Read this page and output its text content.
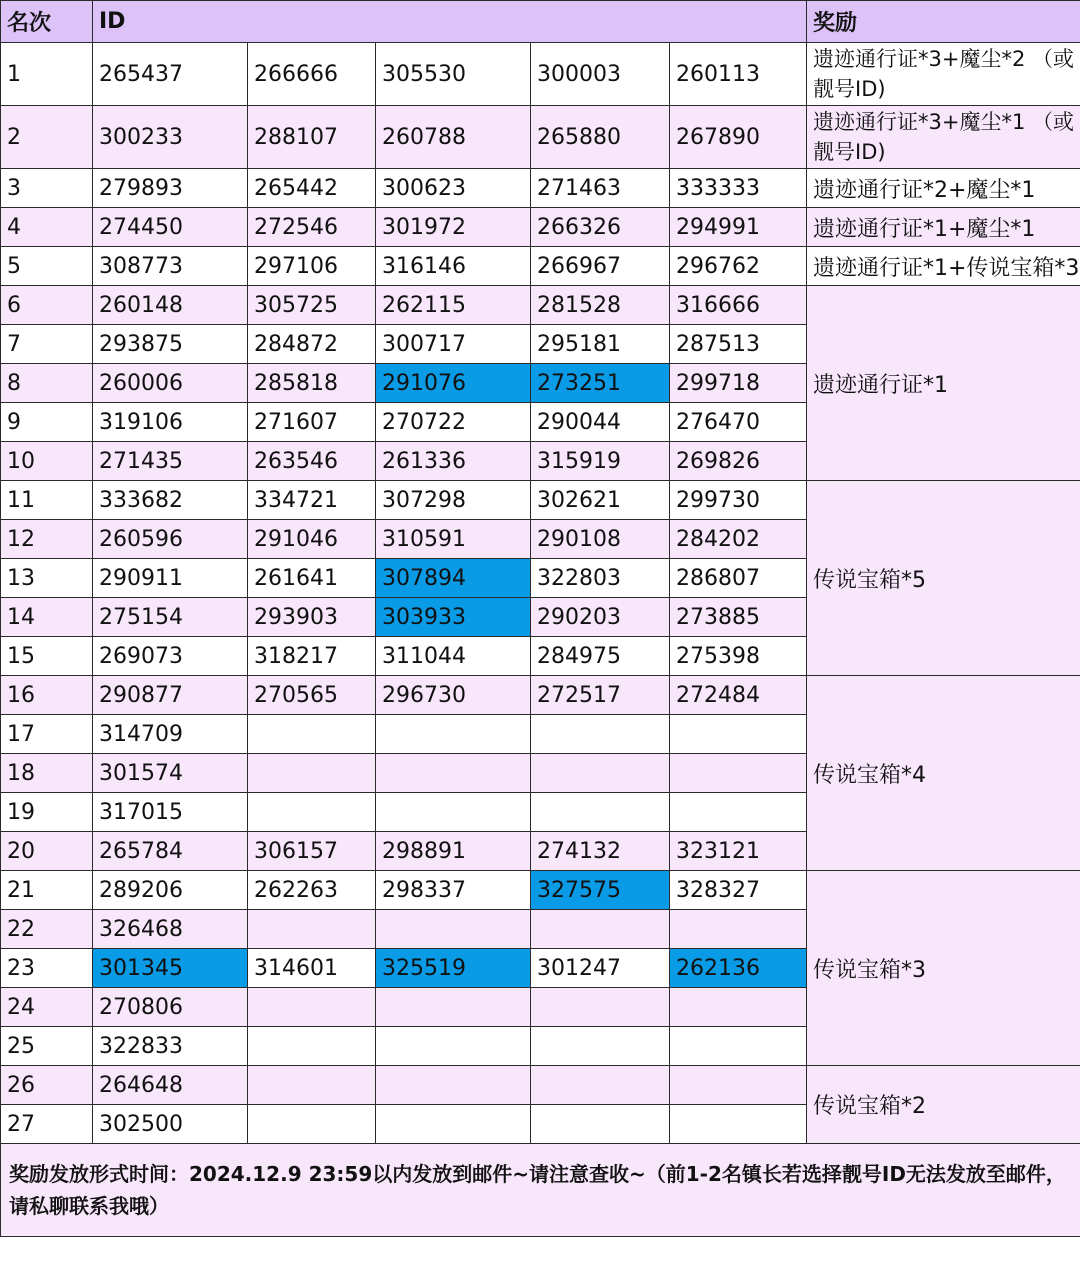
名次	ID					奖励
1	265437	266666	305530	300003	260113	遗迹通行证*3+魔尘*2 （或靓号ID)
2	300233	288107	260788	265880	267890	遗迹通行证*3+魔尘*1 （或靓号ID)
3	279893	265442	300623	271463	333333	遗迹通行证*2+魔尘*1
4	274450	272546	301972	266326	294991	遗迹通行证*1+魔尘*1
5	308773	297106	316146	266967	296762	遗迹通行证*1+传说宝箱*3
6	260148	305725	262115	281528	316666	遗迹通行证*1
7	293875	284872	300717	295181	287513	
8	260006	285818	291076	273251	299718	
9	319106	271607	270722	290044	276470	
10	271435	263546	261336	315919	269826	
11	333682	334721	307298	302621	299730	传说宝箱*5
12	260596	291046	310591	290108	284202	
13	290911	261641	307894	322803	286807	
14	275154	293903	303933	290203	273885	
15	269073	318217	311044	284975	275398	
16	290877	270565	296730	272517	272484	传说宝箱*4
17	314709					
18	301574					
19	317015					
20	265784	306157	298891	274132	323121	
21	289206	262263	298337	327575	328327	传说宝箱*3
22	326468					
23	301345	314601	325519	301247	262136	
24	270806					
25	322833					
26	264648					传说宝箱*2
27	302500					
奖励发放形式时间：2024.12.9 23:59以内发放到邮件~请注意查收~（前1-2名镇长若选择靓号ID无法发放至邮件，请私聊联系我哦）						
